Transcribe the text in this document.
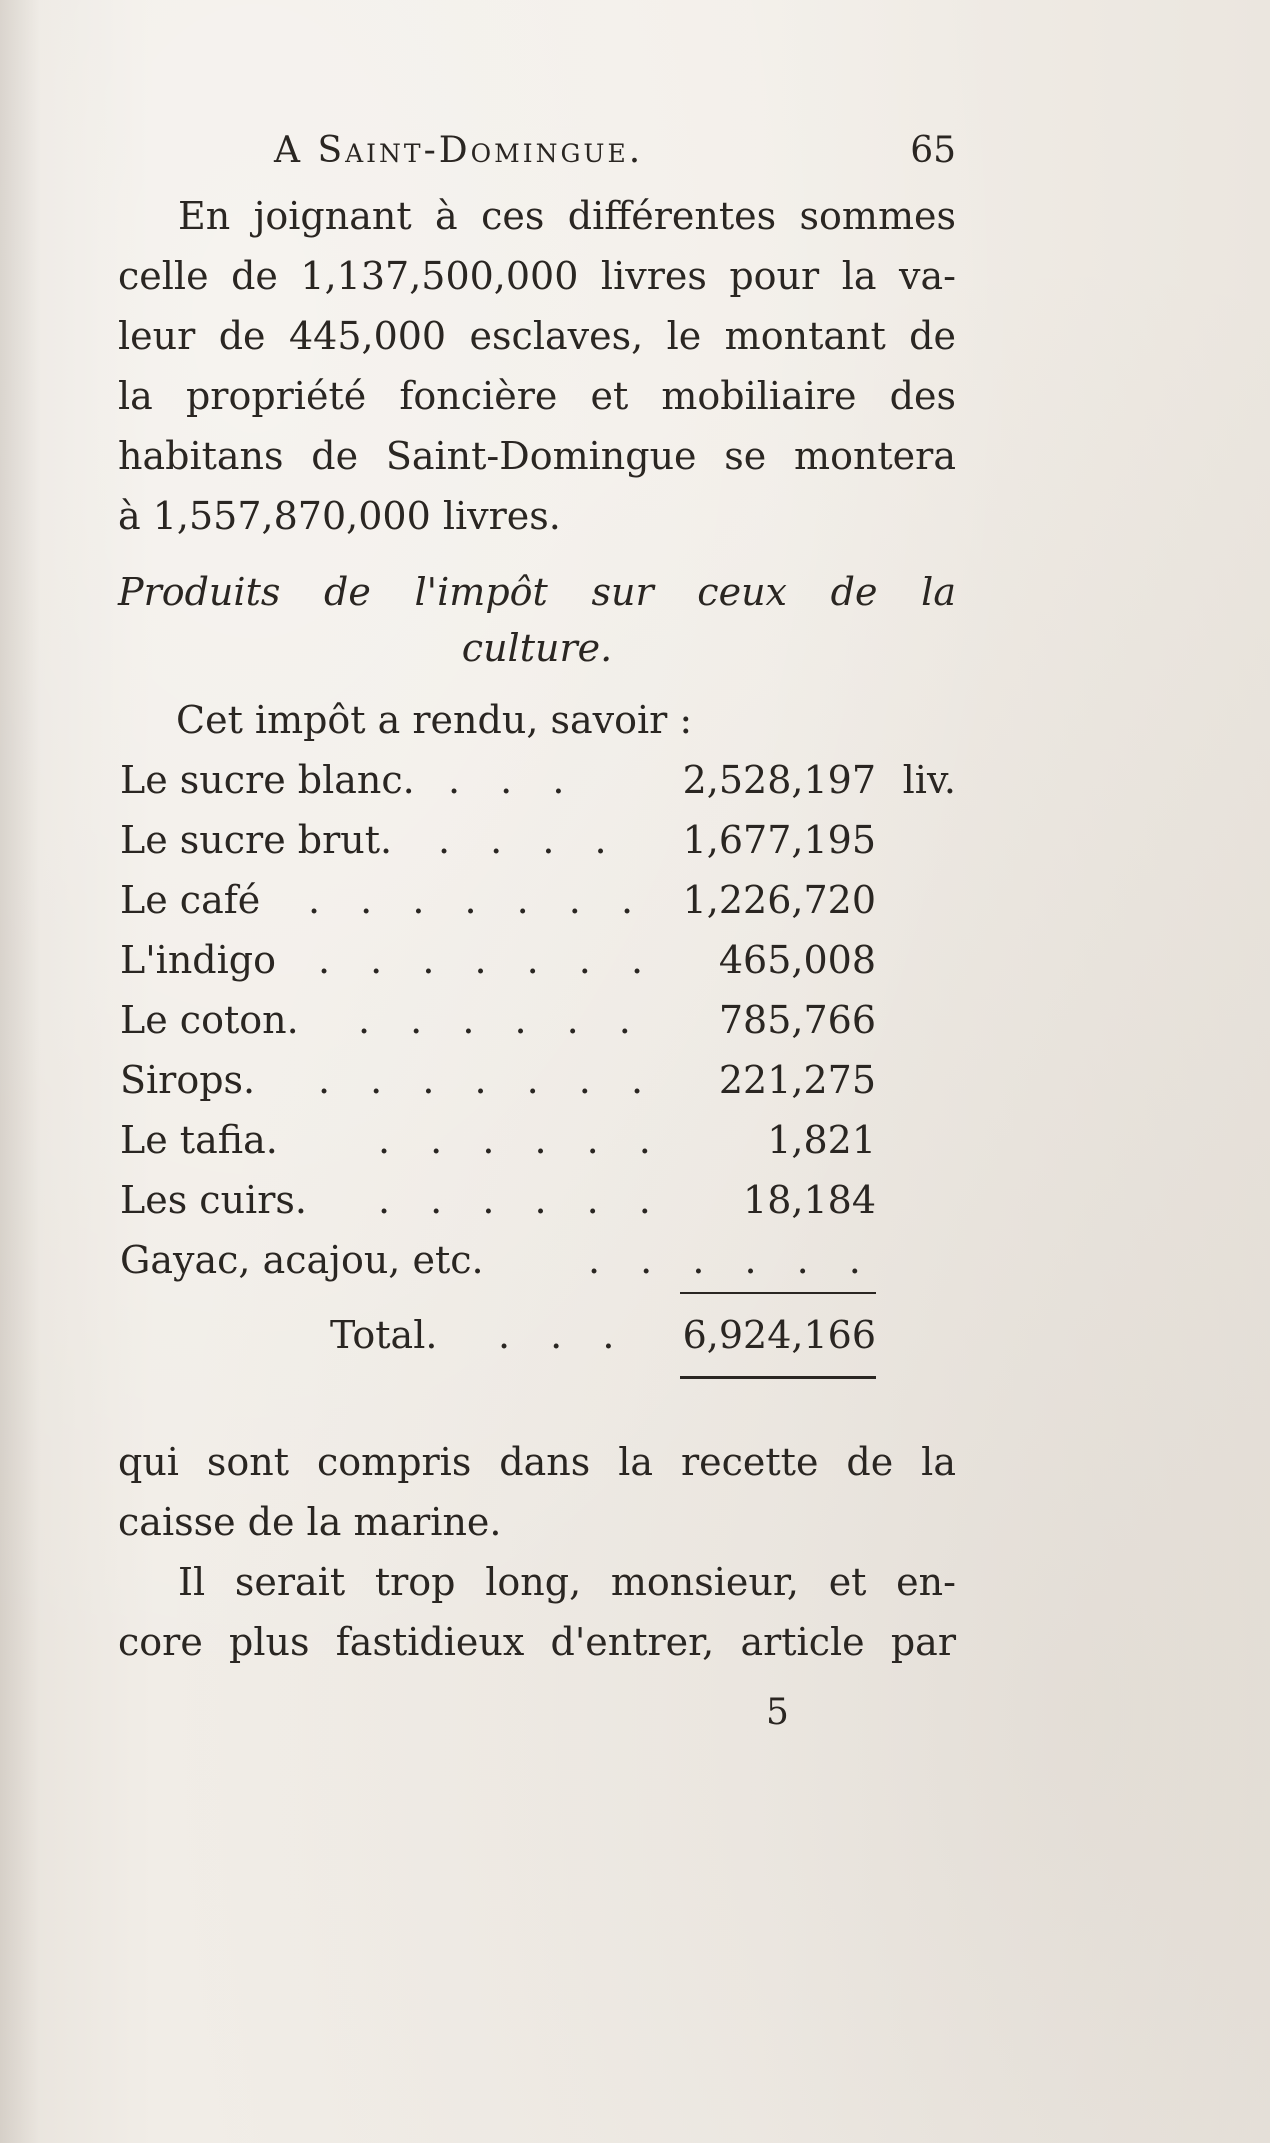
A Saint-Domingue.	65

En joignant à ces différentes sommes
celle de 1,137,500,000 livres pour la va-
leur de 445,000 esclaves, le montant de
la propriété foncière et mobiliaire des
habitans de Saint-Domingue se montera
à 1,557,870,000 livres.

Produits de l'impôt sur ceux de la
culture.

Cet impôt a rendu, savoir :

Le sucre blanc. . . .	2,528,197 liv.
Le sucre brut. . . . . 1,677,195
Le café . . . . . . . 1,226,720
L'indigo . . . . . . . 465,008
Le coton. . . . . . . 785,766
Sirops. . . . . . . . 221,275
Le tafia.	. . . . . .	1,821
Les cuirs. . . . . . . 18,184
Gayac, acajou, etc.	. . . . . .
Total. . . . 6,924,166

qui sont compris dans la recette de la
caisse de la marine.

Il serait trop long, monsieur, et en-
core plus fastidieux d'entrer, article par

5
